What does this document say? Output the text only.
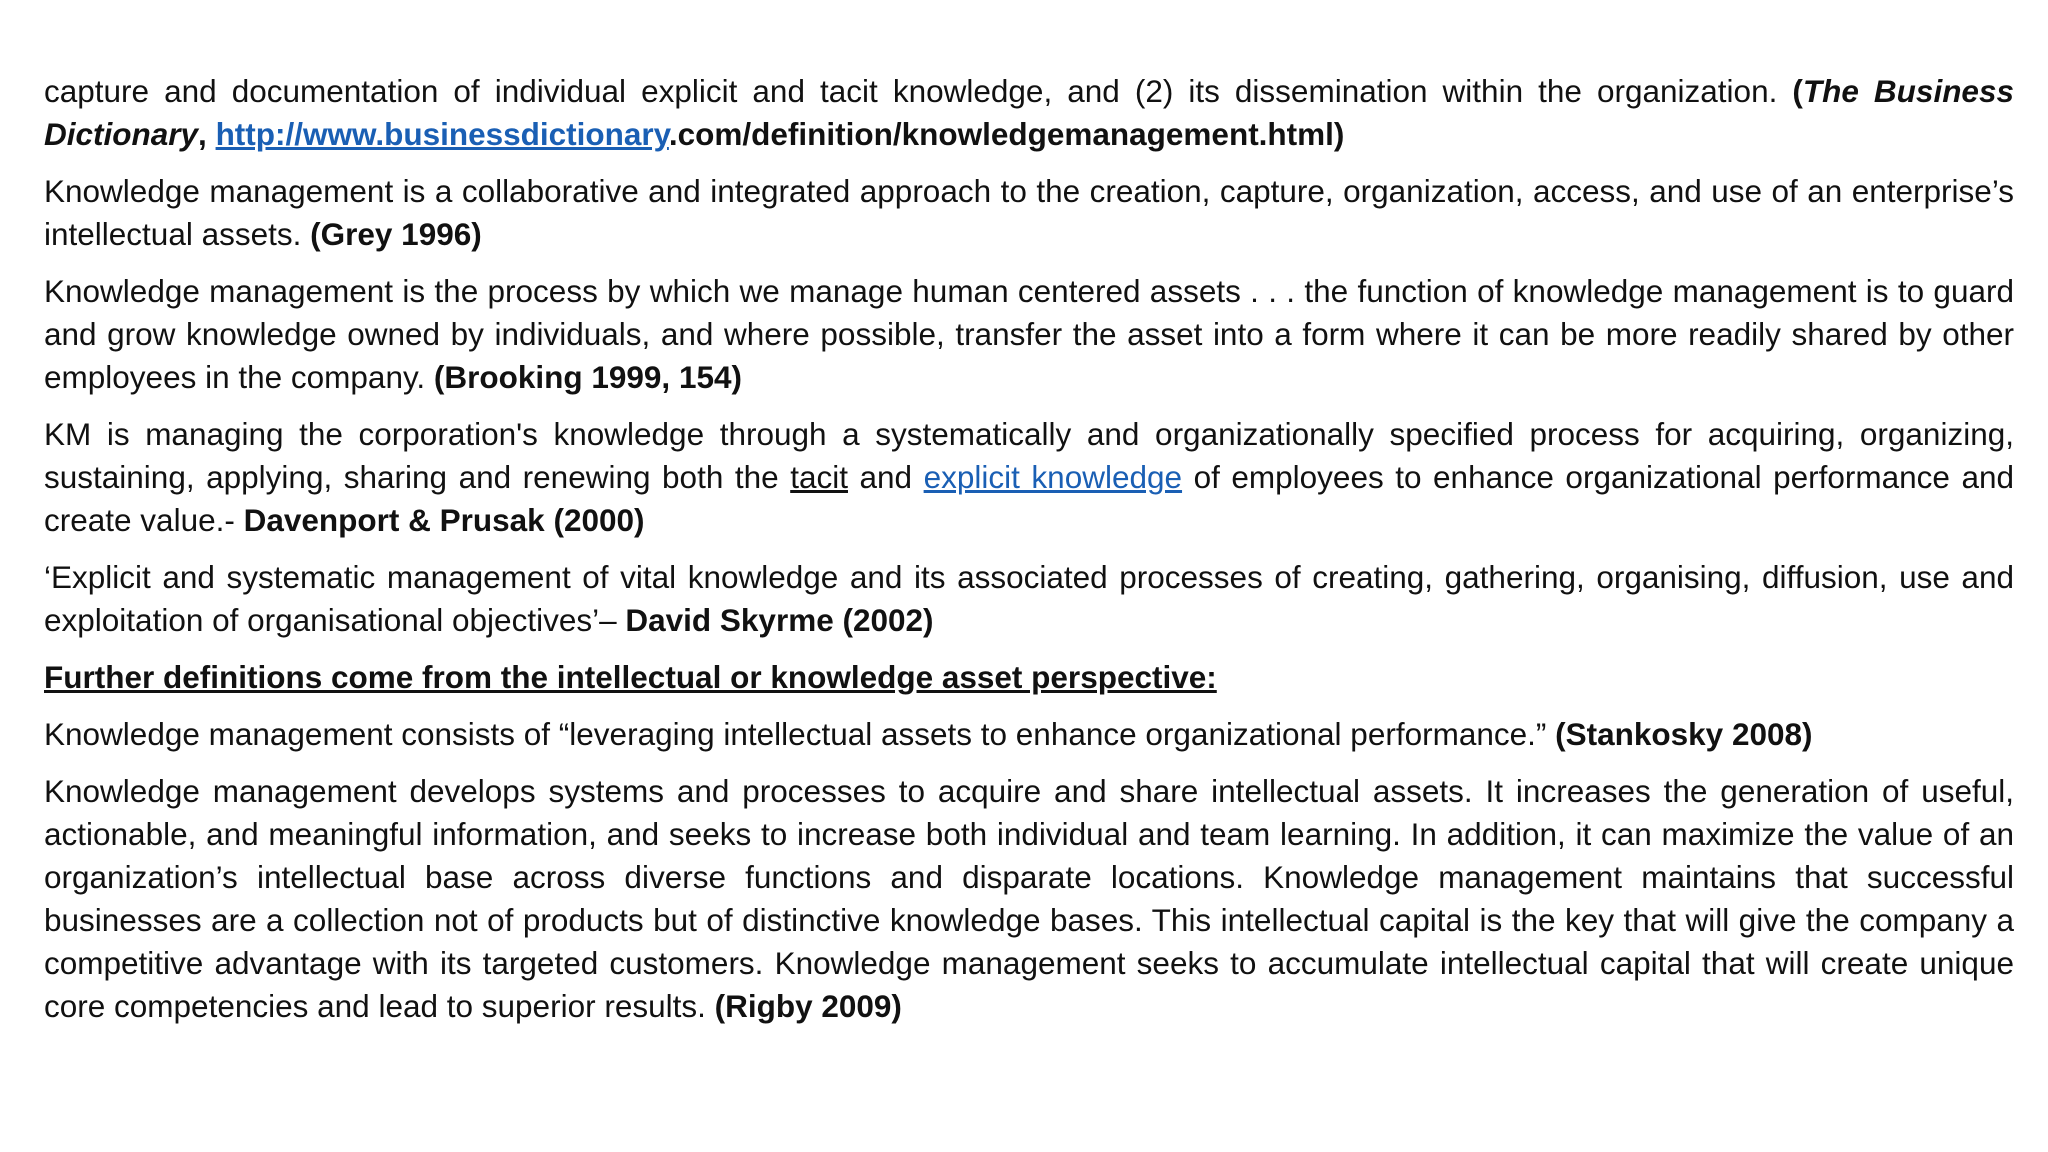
capture and documentation of individual explicit and tacit knowledge, and (2) its dissemination within the organization. (The Business Dictionary, http://www.businessdictionary.com/definition/knowledgemanagement.html)

Knowledge management is a collaborative and integrated approach to the creation, capture, organization, access, and use of an enterprise’s intellectual assets. (Grey 1996)

Knowledge management is the process by which we manage human centered assets . . . the function of knowledge management is to guard and grow knowledge owned by individuals, and where possible, transfer the asset into a form where it can be more readily shared by other employees in the company. (Brooking 1999, 154)

KM is managing the corporation's knowledge through a systematically and organizationally specified process for acquiring, organizing, sustaining, applying, sharing and renewing both the tacit and explicit knowledge of employees to enhance organizational performance and create value.- Davenport & Prusak (2000)

‘Explicit and systematic management of vital knowledge and its associated processes of creating, gathering, organising, diffusion, use and exploitation of organisational objectives’– David Skyrme (2002)

Further definitions come from the intellectual or knowledge asset perspective:

Knowledge management consists of “leveraging intellectual assets to enhance organizational performance.” (Stankosky 2008)

Knowledge management develops systems and processes to acquire and share intellectual assets. It increases the generation of useful, actionable, and meaningful information, and seeks to increase both individual and team learning. In addition, it can maximize the value of an organization’s intellectual base across diverse functions and disparate locations. Knowledge management maintains that successful businesses are a collection not of products but of distinctive knowledge bases. This intellectual capital is the key that will give the company a competitive advantage with its targeted customers. Knowledge management seeks to accumulate intellectual capital that will create unique core competencies and lead to superior results. (Rigby 2009)
